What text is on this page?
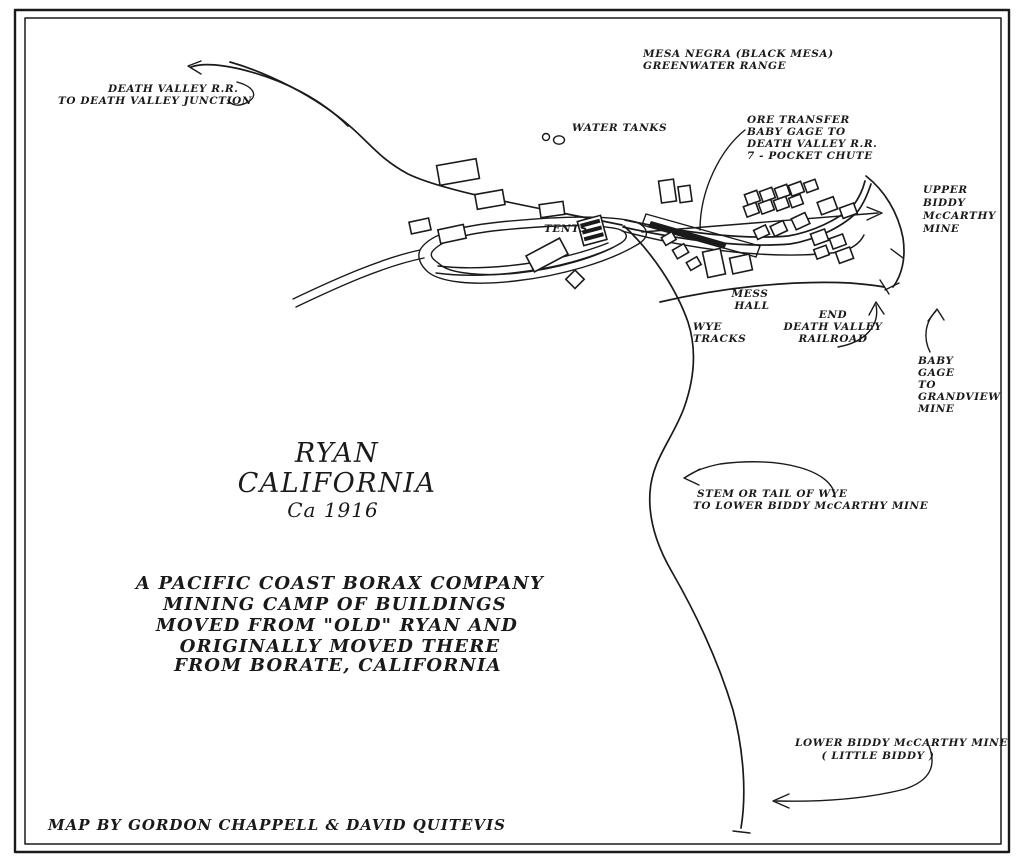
DEATH VALLEY R.R.
TO DEATH VALLEY JUNCTION
MESA NEGRA (BLACK MESA)
GREENWATER RANGE
WATER TANKS
ORE TRANSFER
BABY GAGE TO
DEATH VALLEY R.R.
7 - POCKET CHUTE
UPPER
BIDDY
McCARTHY
MINE
TENTS
MESS
HALL
WYE
TRACKS
END
DEATH VALLEY
RAILROAD
BABY
GAGE
TO
GRANDVIEW
MINE
STEM OR TAIL OF WYE
TO LOWER BIDDY McCARTHY MINE
LOWER BIDDY McCARTHY MINE
( LITTLE BIDDY )
RYAN
CALIFORNIA
Ca 1916
A PACIFIC COAST BORAX COMPANY
MINING CAMP OF BUILDINGS
MOVED FROM "OLD" RYAN AND
ORIGINALLY MOVED THERE
FROM BORATE, CALIFORNIA
MAP BY GORDON CHAPPELL & DAVID QUITEVIS
